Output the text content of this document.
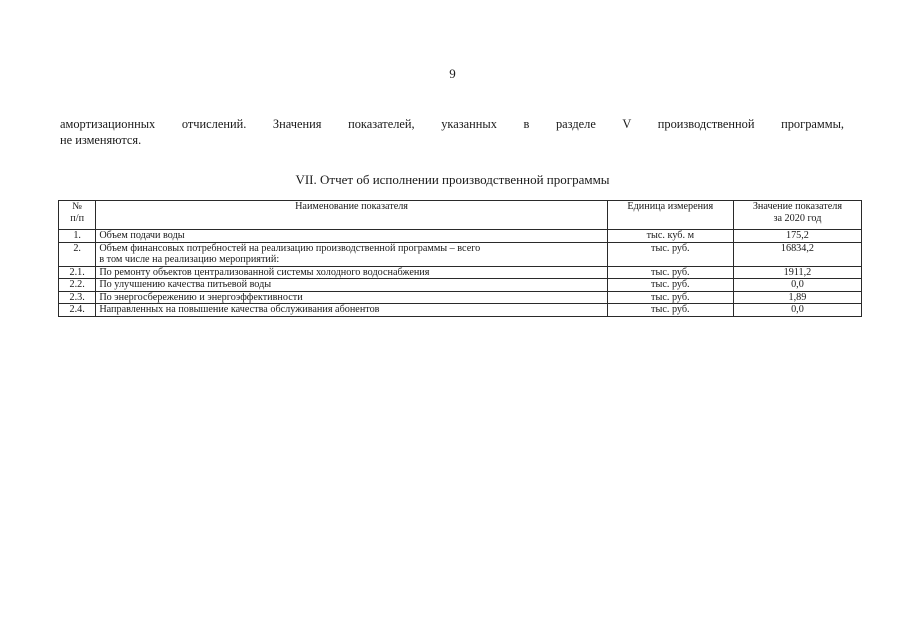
9
амортизационных отчислений. Значения показателей, указанных в разделе V производственной программы,
не изменяются.
VII. Отчет об исполнении производственной программы
№
п/п	Наименование показателя	Единица измерения	Значение показателя
за 2020 год

1.	Объем подачи воды	тыс. куб. м	175,2
2.	Объем финансовых потребностей на реализацию производственной программы – всего
в том числе на реализацию мероприятий:	тыс. руб.	16834,2
2.1.	По ремонту объектов централизованной системы холодного водоснабжения	тыс. руб.	1911,2
2.2.	По улучшению качества питьевой воды	тыс. руб.	0,0
2.3.	По энергосбережению и энергоэффективности	тыс. руб.	1,89
2.4.	Направленных на повышение качества обслуживания абонентов	тыс. руб.	0,0
